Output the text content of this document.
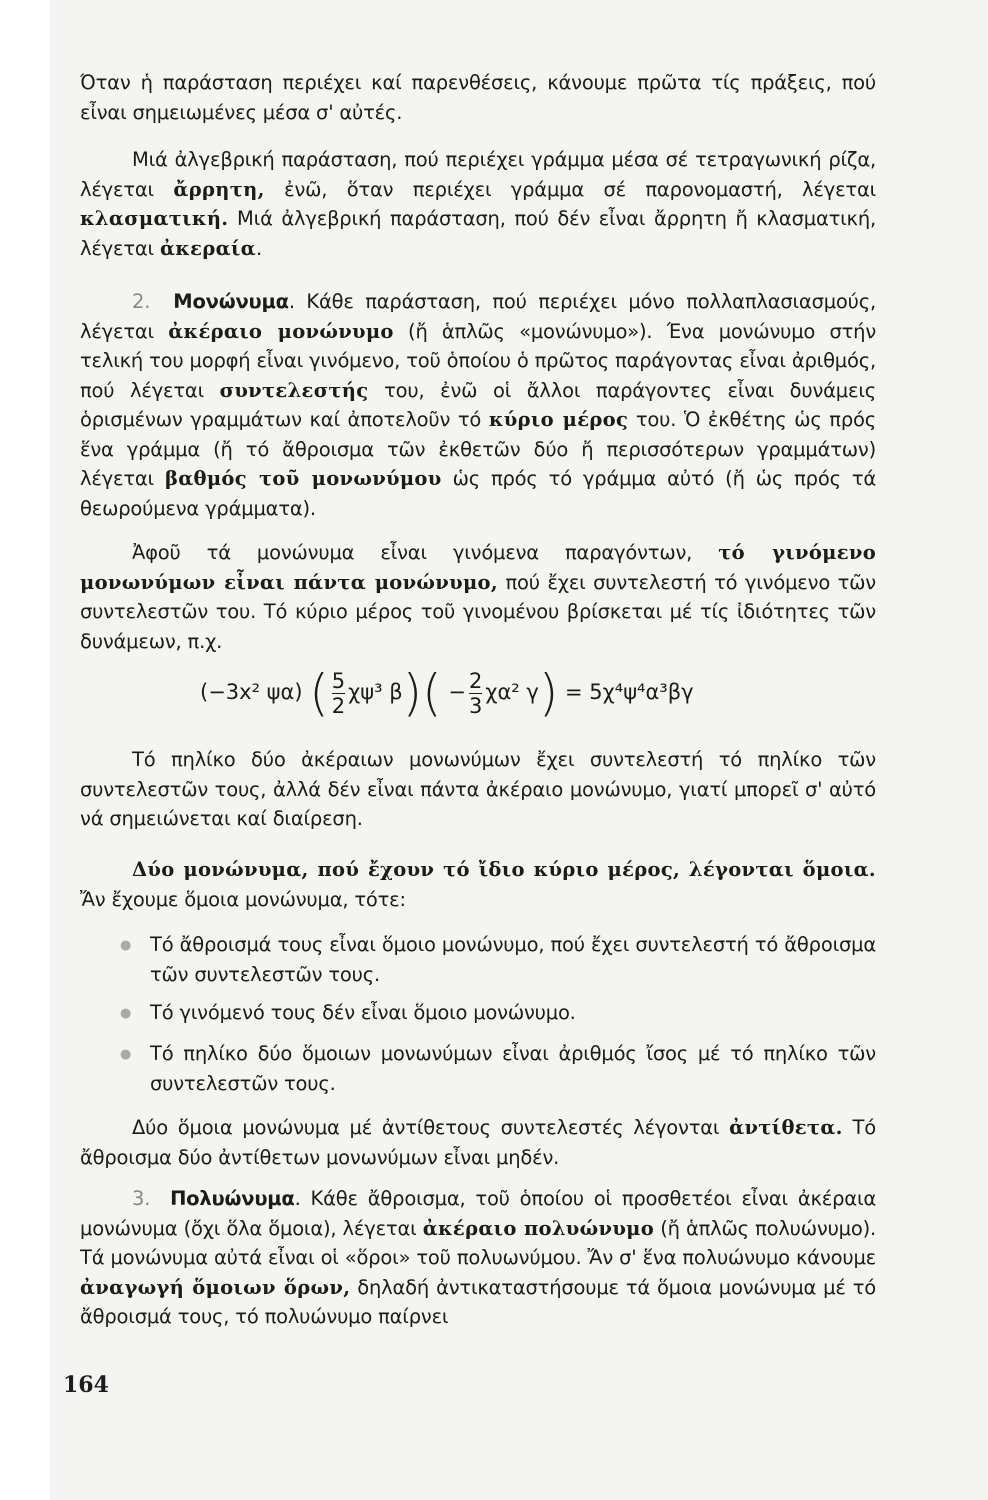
Όταν ἡ παράσταση περιέχει καί παρενθέσεις, κάνουμε πρῶτα τίς πράξεις, πού εἶναι σημειωμένες μέσα σ' αὐτές.
Μιά ἀλγεβρική παράσταση, πού περιέχει γράμμα μέσα σέ τετραγωνική ρίζα, λέγεται ἄρρητη, ἐνῶ, ὅταν περιέχει γράμμα σέ παρονομαστή, λέγεται κλασματική. Μιά ἀλγεβρική παράσταση, πού δέν εἶναι ἄρρητη ἤ κλασματική, λέγεται ἀκεραία.
2. Μονώνυμα. Κάθε παράσταση, πού περιέχει μόνο πολλαπλασιασμούς, λέγεται ἀκέραιο μονώνυμο (ἤ ἁπλῶς «μονώνυμο»). Ένα μονώνυμο στήν τελική του μορφή εἶναι γινόμενο, τοῦ ὁποίου ὁ πρῶτος παράγοντας εἶναι ἀριθμός, πού λέγεται συντελεστής του, ἐνῶ οἱ ἄλλοι παράγοντες εἶναι δυνάμεις ὁρισμένων γραμμάτων καί ἀποτελοῦν τό κύριο μέρος του. Ὁ ἐκθέτης ὡς πρός ἕνα γράμμα (ἤ τό ἄθροισμα τῶν ἐκθετῶν δύο ἤ περισσότερων γραμμάτων) λέγεται βαθμός τοῦ μονωνύμου ὡς πρός τό γράμμα αὐτό (ἤ ὡς πρός τά θεωρούμενα γράμματα).
Ἀφοῦ τά μονώνυμα εἶναι γινόμενα παραγόντων, τό γινόμενο μονωνύμων εἶναι πάντα μονώνυμο, πού ἔχει συντελεστή τό γινόμενο τῶν συντελεστῶν του. Τό κύριο μέρος τοῦ γινομένου βρίσκεται μέ τίς ἰδιότητες τῶν δυνάμεων, π.χ.
(−3x² ψα) ( $\frac{5}{2} \chi\psi^3$ $\beta)( - \frac{2}{3} \chi\alpha^2$ γ) = 5χ⁴ψ⁴α³βγ
Τό πηλίκο δύο ἀκέραιων μονωνύμων ἔχει συντελεστή τό πηλίκο τῶν συντελεστῶν τους, ἀλλά δέν εἶναι πάντα ἀκέραιο μονώνυμο, γιατί μπορεῖ σ' αὐτό νά σημειώνεται καί διαίρεση.
Δύο μονώνυμα, πού ἔχουν τό ἴδιο κύριο μέρος, λέγονται ὅμοια. Ἄν ἔχουμε ὅμοια μονώνυμα, τότε:
● Τό ἄθροισμά τους εἶναι ὅμοιο μονώνυμο, πού ἔχει συντελεστή τό ἄθροισμα τῶν συντελεστῶν τους.
● Τό γινόμενό τους δέν εἶναι ὅμοιο μονώνυμο.
● Τό πηλίκο δύο ὅμοιων μονωνύμων εἶναι ἀριθμός ἴσος μέ τό πηλίκο τῶν συντελεστῶν τους.
Δύο ὅμοια μονώνυμα μέ ἀντίθετους συντελεστές λέγονται ἀντίθετα. Τό ἄθροισμα δύο ἀντίθετων μονωνύμων εἶναι μηδέν.
3. Πολυώνυμα. Κάθε ἄθροισμα, τοῦ ὁποίου οἱ προσθετέοι εἶναι ἀκέραια μονώνυμα (ὄχι ὅλα ὅμοια), λέγεται ἀκέραιο πολυώνυμο (ἤ ἁπλῶς πολυώνυμο). Τά μονώνυμα αὐτά εἶναι οἱ «ὅροι» τοῦ πολυωνύμου. Ἄν σ' ἕνα πολυώνυμο κάνουμε ἀναγωγή ὅμοιων ὅρων, δηλαδή ἀντικαταστήσουμε τά ὅμοια μονώνυμα μέ τό ἄθροισμά τους, τό πολυώνυμο παίρνει
164
